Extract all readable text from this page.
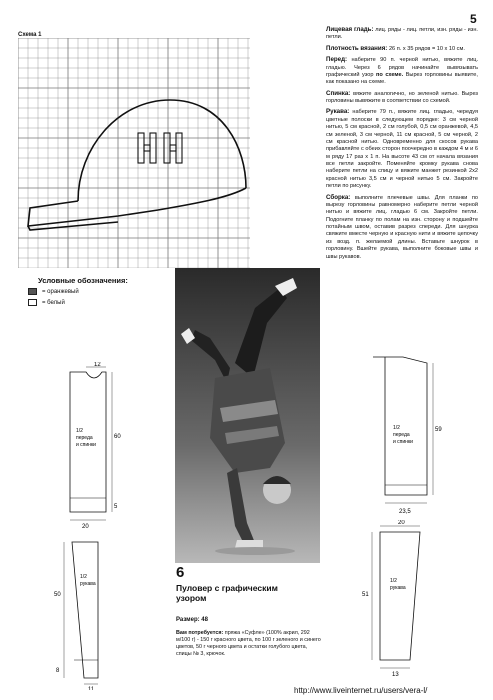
5
Схема 1
Условные обозначения:
= оранжевый
= белый

Лицевая гладь: лиц. ряды - лиц. петли, изн. ряды - изн. петли.

Плотность вязания: 26 п. x 35 рядов = 10 x 10 см.

Перед: наберите 90 п. черной нитью, вяжите лиц. гладью. Через 6 рядов начинайте вывязывать графический узор по схеме. Вырез горловины выявите, как показано на схеме.

Спинка: вяжите аналогично, но зеленой нитью. Вырез горловины вывяжите в соответствии со схемой.

Рукава: наберите 79 п., вяжите лиц. гладью, чередуя цветные полоски в следующем порядке: 3 см черной нитью, 5 см красной, 2 см голубой, 0,5 см оранжевой, 4,5 см зеленой, 3 см черной, 11 см красной, 5 см черной, 2 см красной нитью. Одновременно для скосов рукава прибавляйте с обеих сторон поочередно в каждом 4 м и 6 м ряду 17 раз x 1 п. На высоте 43 см от начала вязания все петли закройте. Поменяйте кромку рукава снова наберите петли на спицу и вяжите манжет резинкой 2x2 красной нитью 3,5 см и черной нитью 5 см. Закройте петли по рисунку.

Сборка: выполните плечевые швы. Для планки по вырезу горловины равномерно наберите петли черной нитью и вяжите лиц. гладью 6 см. Закройте петли. Подогните планку по полам на изн. сторону и подшейте потайным швом, оставив разрез спереди. Для шнурка свяжите вместе черную и красную нити и вяжите цепочку из возд. п. желаемой длины. Вставьте шнурок в горловину. Вшейте рукава, выполните боковые швы и швы рукавов.

6
Пуловер с графическим узором
Размер: 48
Вам потребуется: пряжа «Суфле» (100% акрил, 292 м/100 г) - 150 г красного цвета, по 100 г зеленого и синего цветов, 50 г черного цвета и остатки голубого цвета, спицы № 3, крючок.
12
60
5
20
1/2
переда
и спинки
50
8
11
1/2
рукава
59
23,5
1/2
переда
и спинки
20
51
13
1/2
рукава
http://www.liveinternet.ru/users/vera-l/
